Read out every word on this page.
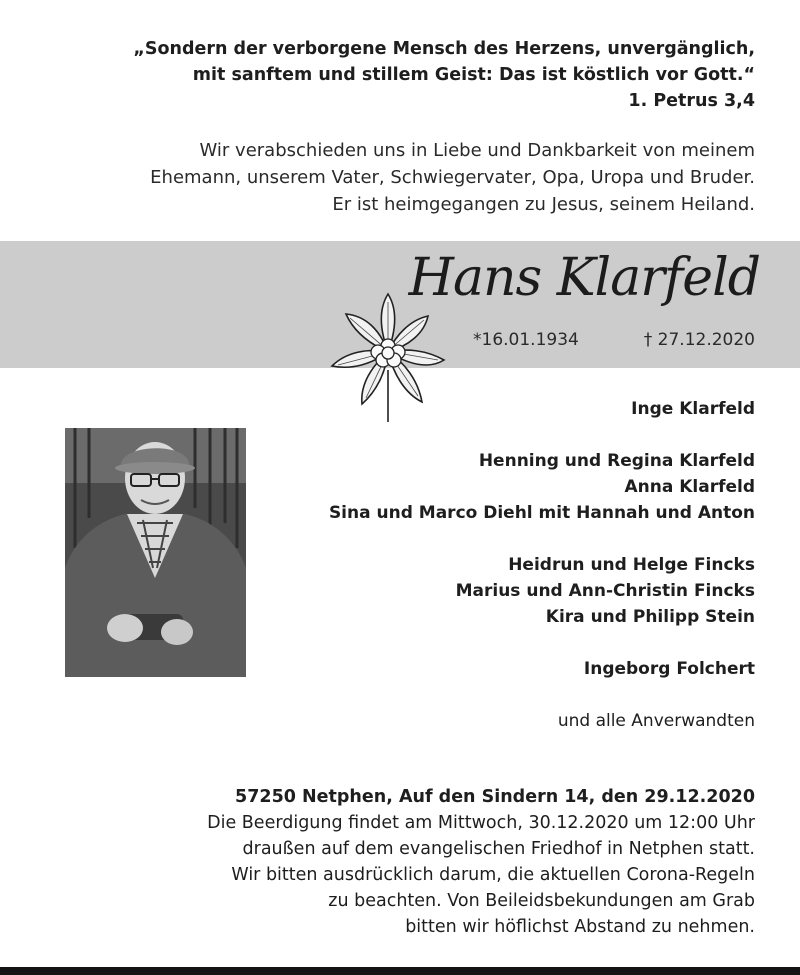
„Sondern der verborgene Mensch des Herzens, unvergänglich,
mit sanftem und stillem Geist: Das ist köstlich vor Gott.“
1. Petrus 3,4
Wir verabschieden uns in Liebe und Dankbarkeit von meinem
Ehemann, unserem Vater, Schwiegervater, Opa, Uropa und Bruder.
Er ist heimgegangen zu Jesus, seinem Heiland.
Hans Klarfeld
*16.01.1934	† 27.12.2020
Inge Klarfeld
Henning und Regina Klarfeld
Anna Klarfeld
Sina und Marco Diehl mit Hannah und Anton
Heidrun und Helge Fincks
Marius und Ann-Christin Fincks
Kira und Philipp Stein
Ingeborg Folchert
und alle Anverwandten
57250 Netphen, Auf den Sindern 14, den 29.12.2020
Die Beerdigung findet am Mittwoch, 30.12.2020 um 12:00 Uhr
draußen auf dem evangelischen Friedhof in Netphen statt.
Wir bitten ausdrücklich darum, die aktuellen Corona-Regeln
zu beachten. Von Beileidsbekundungen am Grab
bitten wir höflichst Abstand zu nehmen.
